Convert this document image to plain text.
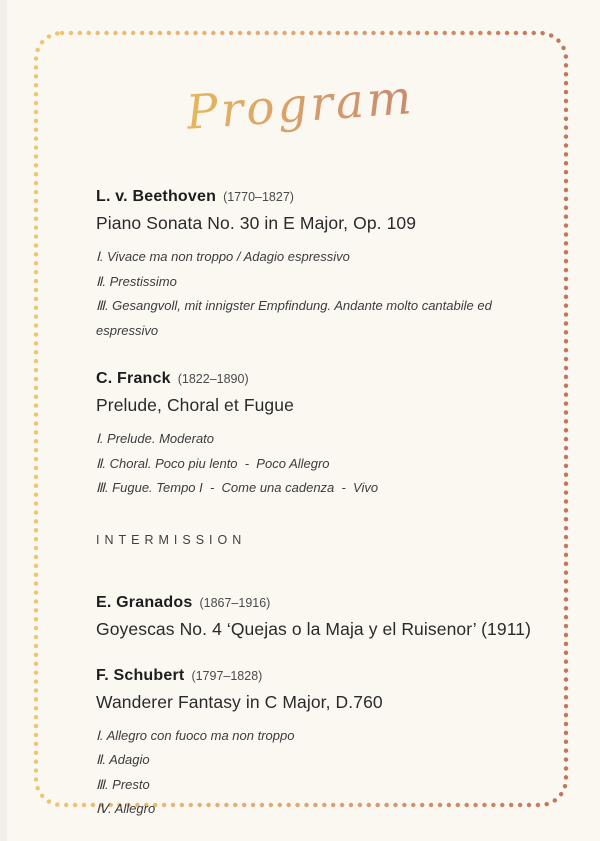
Program
L. v. Beethoven (1770–1827)
Piano Sonata No. 30 in E Major, Op. 109
Ⅰ. Vivace ma non troppo / Adagio espressivo
Ⅱ. Prestissimo
Ⅲ. Gesangvoll, mit innigster Empfindung. Andante molto cantabile ed espressivo
C. Franck (1822–1890)
Prelude, Choral et Fugue
Ⅰ. Prelude. Moderato
Ⅱ. Choral. Poco piu lento  -  Poco Allegro
Ⅲ. Fugue. Tempo I  -  Come una cadenza  -  Vivo
INTERMISSION
E. Granados (1867–1916)
Goyescas No. 4 ‘Quejas o la Maja y el Ruisenor’ (1911)
F. Schubert (1797–1828)
Wanderer Fantasy in C Major, D.760
Ⅰ. Allegro con fuoco ma non troppo
Ⅱ. Adagio
Ⅲ. Presto
Ⅳ. Allegro
